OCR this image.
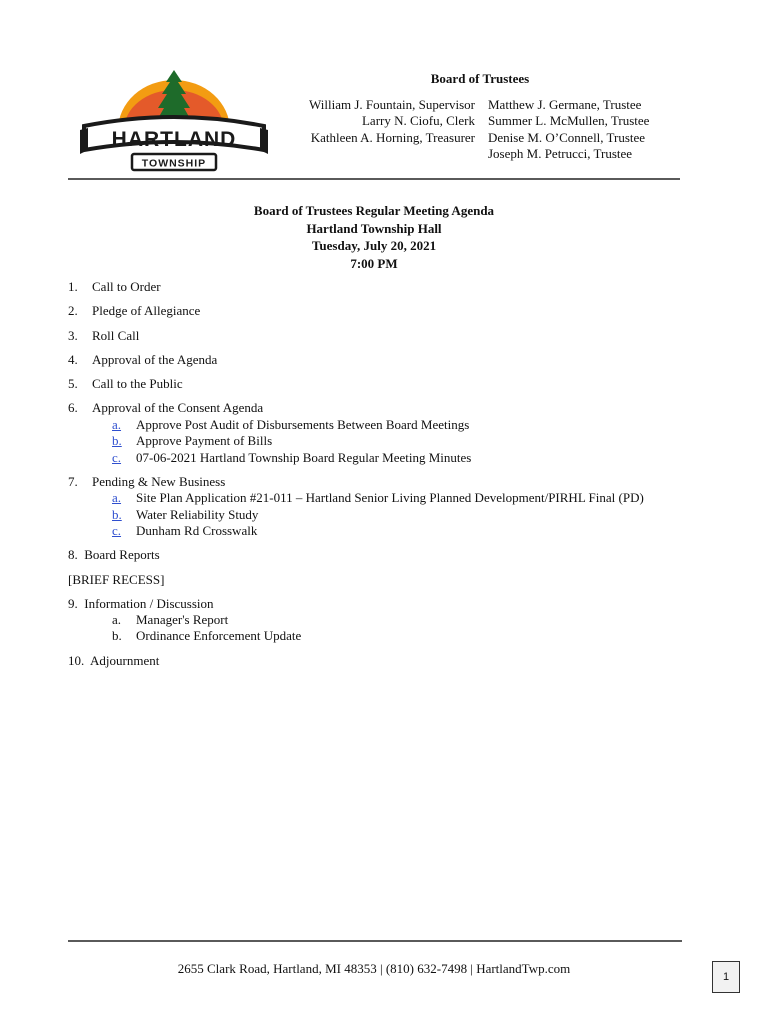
HARTLAND
TOWNSHIP
Board of Trustees
William J. Fountain, Supervisor
Larry N. Ciofu, Clerk
Kathleen A. Horning, Treasurer
Matthew J. Germane, Trustee
Summer L. McMullen, Trustee
Denise M. O’Connell, Trustee
Joseph M. Petrucci, Trustee
Board of Trustees Regular Meeting Agenda
Hartland Township Hall
Tuesday, July 20, 2021
7:00 PM
1. Call to Order
2. Pledge of Allegiance
3. Roll Call
4. Approval of the Agenda
5. Call to the Public
6. Approval of the Consent Agenda
a. Approve Post Audit of Disbursements Between Board Meetings
b. Approve Payment of Bills
c. 07-06-2021 Hartland Township Board Regular Meeting Minutes
7. Pending & New Business
a. Site Plan Application #21-011 – Hartland Senior Living Planned Development/PIRHL Final (PD)
b. Water Reliability Study
c. Dunham Rd Crosswalk
8.  Board Reports
[BRIEF RECESS]
9.  Information / Discussion
a. Manager's Report
b. Ordinance Enforcement Update
10.  Adjournment
2655 Clark Road, Hartland, MI 48353 | (810) 632-7498 | HartlandTwp.com
1
